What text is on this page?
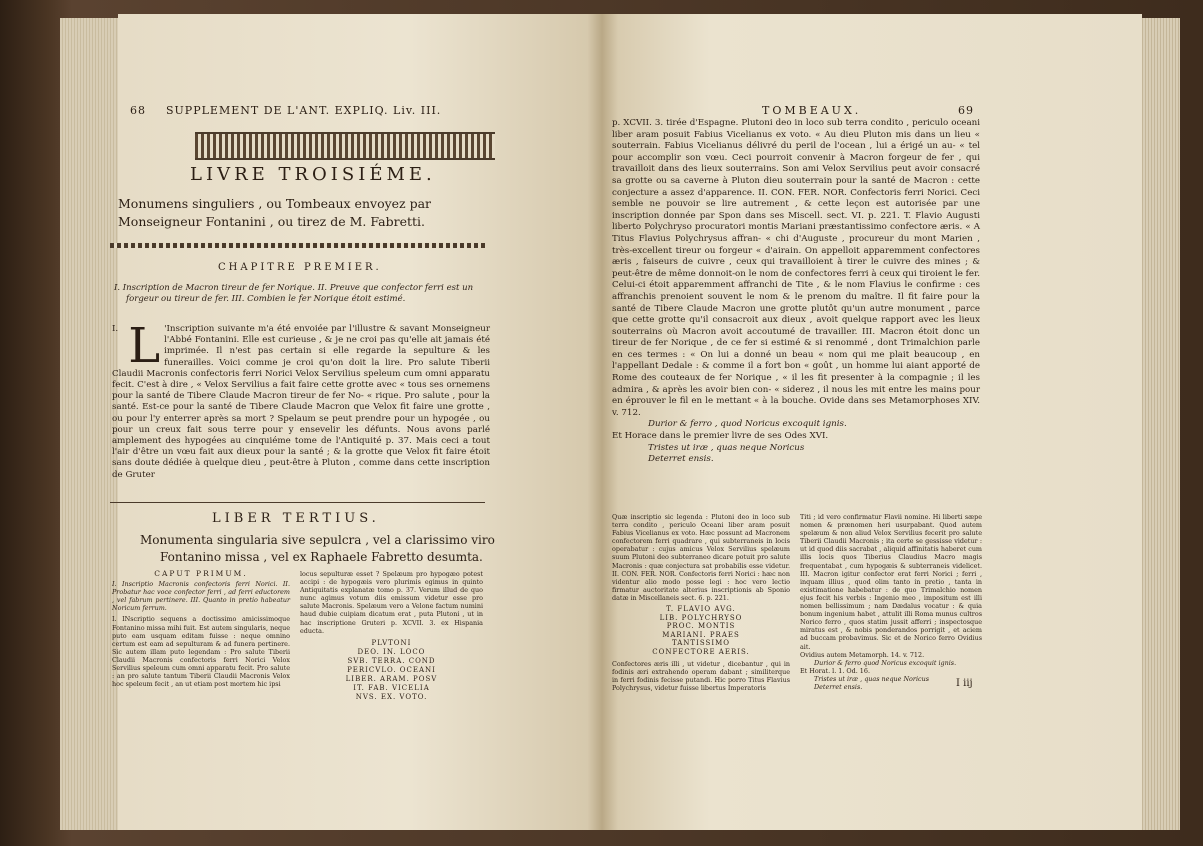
68 SUPPLEMENT DE L'ANT. EXPLIQ. Liv. III.
LIVRE TROISIÉME.
Monumens singuliers , ou Tombeaux envoyez par
Monseigneur Fontanini , ou tirez de M. Fabretti.
CHAPITRE PREMIER.
I. Inscription de Macron tireur de fer Norique. II. Preuve que confector ferri est un
forgeur ou tireur de fer. III. Combien le fer Norique étoit estimé.
I. L 'Inscription suivante m'a été envoiée par l'illustre & savant Monseigneur l'Abbé Fontanini. Elle est curieuse , & je ne croi pas qu'elle ait jamais été imprimée. Il n'est pas certain si elle regarde la sepulture & les funerailles. Voici comme je croi qu'on doit la lire. Pro salute Tiberii Claudii Macronis confectoris ferri Norici Velox Servilius speleum cum omni apparatu fecit. C'est à dire , « Velox Servilius a fait faire cette grotte avec « tous ses ornemens pour la santé de Tibere Claude Macron tireur de fer No- « rique. Pro salute , pour la santé. Est-ce pour la santé de Tibere Claude Macron que Velox fit faire une grotte , ou pour l'y enterrer après sa mort ? Spelaum se peut prendre pour un hypogée , ou pour un creux fait sous terre pour y ensevelir les défunts. Nous avons parlé amplement des hypogées au cinquiéme tome de l'Antiquité p. 37. Mais ceci a tout l'air d'être un vœu fait aux dieux pour la santé ; & la grotte que Velox fit faire étoit sans doute dédiée à quelque dieu , peut-être à Pluton , comme dans cette inscription de Gruter
LIBER TERTIUS.
Monumenta singularia sive sepulcra , vel a clarissimo viro
Fontanino missa , vel ex Raphaele Fabretto desumta.
CAPUT PRIMUM.
I. Inscriptio Macronis confectoris ferri Norici. II. Probatur hac voce confector ferri , ad ferri eductorem , vel fabrum pertinere. III. Quanto in pretio habeatur Noricum ferrum.
I. INscriptio sequens a doctissimo amicissimoque Fontanino missa mihi fuit. Est autem singularis, neque puto eam usquam editam fuisse : neque omnino certum est eam ad sepulturam & ad funera pertinere. Sic autem illam puto legendam : Pro salute Tiberii Claudii Macronis confectoris ferri Norici Velox Servilius speleum cum omni apparatu fecit. Pro salute : an pro salute tantum Tiberii Claudii Macronis Velox hoc speleum fecit , an ut etiam post mortem hic ipsi
locus sepulturæ esset ? Spelæum pro hypogæo potest accipi : de hypogæis vero plurimis egimus in quinto Antiquitatis explanatæ tomo p. 37. Verum illud de quo nunc agimus votum diis emissum videtur esse pro salute Macronis. Spelæum vero a Velone factum numini haud dubie cuipiam dicatum erat , puta Plutoni , ut in hac inscriptione Gruteri p. XCVII. 3. ex Hispania educta.
PLVTONI
DEO. IN. LOCO
SVB. TERRA. COND
PERICVLO. OCEANI
LIBER. ARAM. POSV
IT. FAB. VICELIA
NVS. EX. VOTO.
TOMBEAUX.	69
p. XCVII. 3. tirée d'Espagne. Plutoni deo in loco sub terra condito , periculo oceani liber aram posuit Fabius Vicelianus ex voto. « Au dieu Pluton mis dans un lieu « souterrain. Fabius Vicelianus délivré du peril de l'ocean , lui a érigé un au- « tel pour accomplir son vœu. Ceci pourroit convenir à Macron forgeur de fer , qui travailloit dans des lieux souterrains. Son ami Velox Servilius peut avoir consacré sa grotte ou sa caverne à Pluton dieu souterrain pour la santé de Macron : cette conjecture a assez d'apparence. II. CON. FER. NOR. Confectoris ferri Norici. Ceci semble ne pouvoir se lire autrement , & cette leçon est autorisée par une inscription donnée par Spon dans ses Miscell. sect. VI. p. 221. T. Flavio Augusti liberto Polychryso procuratori montis Mariani præstantissimo confectore æris. « A Titus Flavius Polychrysus affran- « chi d'Auguste , procureur du mont Marien , très-excellent tireur ou forgeur « d'airain. On appelloit apparemment confectores æris , faiseurs de cuivre , ceux qui travailloient à tirer le cuivre des mines ; & peut-être de même donnoit-on le nom de confectores ferri à ceux qui tiroient le fer. Celui-ci étoit apparemment affranchi de Tite , & le nom Flavius le confirme : ces affranchis prenoient souvent le nom & le prenom du maître. Il fit faire pour la santé de Tibere Claude Macron une grotte plutôt qu'un autre monument , parce que cette grotte qu'il consacroit aux dieux , avoit quelque rapport avec les lieux souterrains où Macron avoit accoutumé de travailler. III. Macron étoit donc un tireur de fer Norique , de ce fer si estimé & si renommé , dont Trimalchion parle en ces termes : « On lui a donné un beau « nom qui me plait beaucoup , en l'appellant Dedale : & comme il a fort bon « goût , un homme lui aiant apporté de Rome des couteaux de fer Norique , « il les fit presenter à la compagnie ; il les admira , & après les avoir bien con- « siderez , il nous les mit entre les mains pour en éprouver le fil en le mettant « à la bouche. Ovide dans ses Metamorphoses XIV. v. 712.
Durior & ferro , quod Noricus excoquit ignis.
Et Horace dans le premier livre de ses Odes XVI.
Tristes ut iræ , quas neque Noricus
Deterret ensis.
Quæ inscriptio sic legenda : Plutoni deo in loco sub terra condito , periculo Oceani liber aram posuit Fabius Vicelianus ex voto. Hæc possunt ad Macronem confectorem ferri quadrare , qui subterraneis in locis operabatur : cujus amicus Velox Servilius spelæum suum Plutoni deo subterraneo dicare potuit pro salute Macronis : quæ conjectura sat probabilis esse videtur. II. CON. FER. NOR. Confectoris ferri Norici : hæc non videntur alio modo posse legi : hoc vero lectio firmatur auctoritate alterius inscriptionis ab Sponio datæ in Miscellaneis sect. 6. p. 221.
T. FLAVIO AVG.
LIB. POLYCHRYSO
PROC. MONTIS
MARIANI. PRAES
TANTISSIMO
CONFECTORE AERIS.
Confectores æris illi , ut videtur , dicebantur , qui in fodinis æri extrahendo operam dabant ; similiterque in ferri fodinis fecisse putandi. Hic porro Titus Flavius Polychrysus, videtur fuisse libertus Imperatoris
Titi ; id vero confirmatur Flavii nomine. Hi liberti sæpe nomen & prænomen heri usurpabant. Quod autem spelæum & non aliud Velox Servilius fecerit pro salute Tiberii Claudii Macronis ; ita certe se gessisse videtur : ut id quod diis sacrabat , aliquid affinitatis haberet cum illis locis quos Tiberius Claudius Macro magis frequentabat , cum hypogæis & subterraneis videlicet. III. Macron igitur confector erat ferri Norici ; ferri , inquam illius , quod olim tanto in pretio , tanta in existimatione habebatur : de quo Trimalchio nomen ejus fecit his verbis : Ingenio meo , impositum est illi nomen bellissimum ; nam Dædalus vocatur : & quia bonum ingenium habet , attulit illi Roma munus cultros Norico ferro , quos statim jussit afferri ; inspectosque miratus est , & nobis ponderandos porrigit , et aciem ad buccam probavimus. Sic et de Norico ferro Ovidius ait.
Ovidius autem Metamorph. 14. v. 712.
Durior & ferro quod Noricus excoquit ignis.
Et Horat. l. 1. Od. 16.
Tristes ut iræ , quas neque Noricus
Deterret ensis.	I iij
